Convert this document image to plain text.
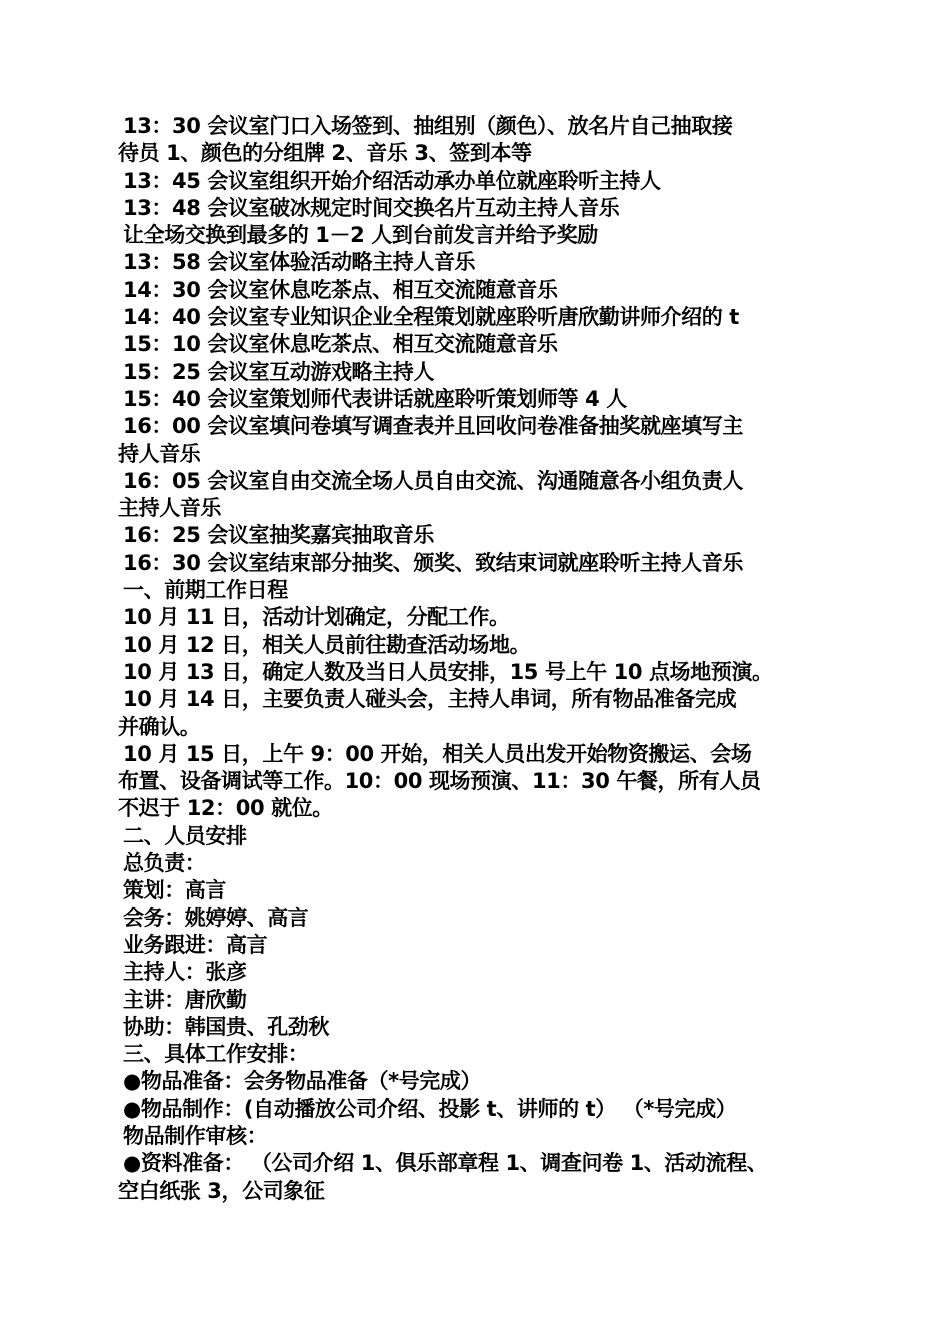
13：30 会议室门口入场签到、抽组别（颜色）、放名片自己抽取接
待员 1、颜色的分组牌 2、音乐 3、签到本等
13：45 会议室组织开始介绍活动承办单位就座聆听主持人
13：48 会议室破冰规定时间交换名片互动主持人音乐
让全场交换到最多的 1－2 人到台前发言并给予奖励
13：58 会议室体验活动略主持人音乐
14：30 会议室休息吃茶点、相互交流随意音乐
14：40 会议室专业知识企业全程策划就座聆听唐欣勤讲师介绍的 t
15：10 会议室休息吃茶点、相互交流随意音乐
15：25 会议室互动游戏略主持人
15：40 会议室策划师代表讲话就座聆听策划师等 4 人
16：00 会议室填问卷填写调查表并且回收问卷准备抽奖就座填写主
持人音乐
16：05 会议室自由交流全场人员自由交流、沟通随意各小组负责人
主持人音乐
16：25 会议室抽奖嘉宾抽取音乐
16：30 会议室结束部分抽奖、颁奖、致结束词就座聆听主持人音乐
一、前期工作日程
10 月 11 日，活动计划确定，分配工作。
10 月 12 日，相关人员前往勘查活动场地。
10 月 13 日，确定人数及当日人员安排，15 号上午 10 点场地预演。
10 月 14 日，主要负责人碰头会，主持人串词，所有物品准备完成
并确认。
10 月 15 日，上午 9：00 开始，相关人员出发开始物资搬运、会场
布置、设备调试等工作。10：00 现场预演、11：30 午餐，所有人员
不迟于 12：00 就位。
二、人员安排
总负责：
策划：高言
会务：姚婷婷、高言
业务跟进：高言
主持人：张彦
主讲：唐欣勤
协助：韩国贵、孔劲秋
三、具体工作安排：
●物品准备：会务物品准备（*号完成）
●物品制作：(自动播放公司介绍、投影 t、讲师的 t） （*号完成）
物品制作审核：
●资料准备： （公司介绍 1、俱乐部章程 1、调查问卷 1、活动流程、
空白纸张 3，公司象征
